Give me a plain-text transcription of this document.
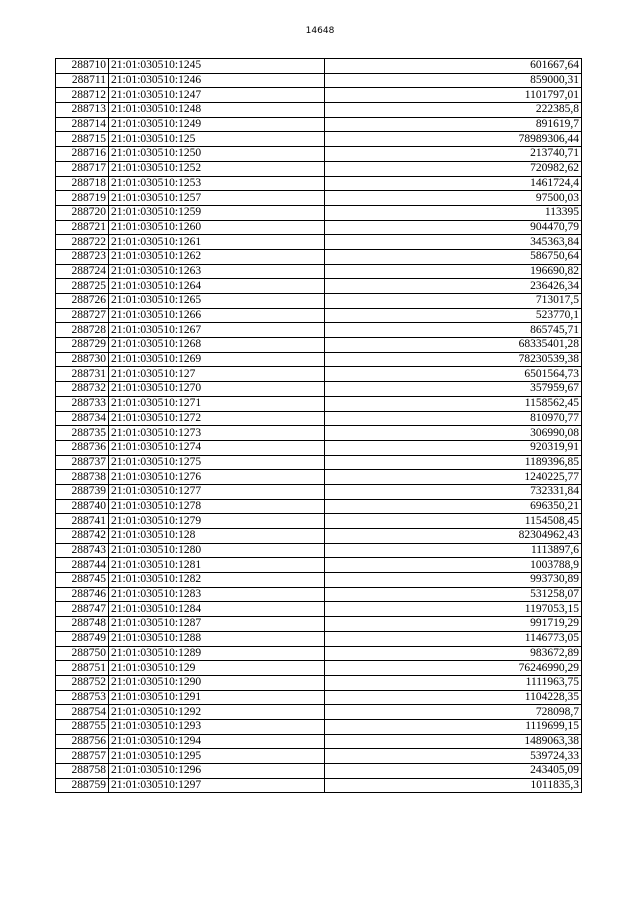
14648
288710	21:01:030510:1245	601667,64
288711	21:01:030510:1246	859000,31
288712	21:01:030510:1247	1101797,01
288713	21:01:030510:1248	222385,8
288714	21:01:030510:1249	891619,7
288715	21:01:030510:125	78989306,44
288716	21:01:030510:1250	213740,71
288717	21:01:030510:1252	720982,62
288718	21:01:030510:1253	1461724,4
288719	21:01:030510:1257	97500,03
288720	21:01:030510:1259	113395
288721	21:01:030510:1260	904470,79
288722	21:01:030510:1261	345363,84
288723	21:01:030510:1262	586750,64
288724	21:01:030510:1263	196690,82
288725	21:01:030510:1264	236426,34
288726	21:01:030510:1265	713017,5
288727	21:01:030510:1266	523770,1
288728	21:01:030510:1267	865745,71
288729	21:01:030510:1268	68335401,28
288730	21:01:030510:1269	78230539,38
288731	21:01:030510:127	6501564,73
288732	21:01:030510:1270	357959,67
288733	21:01:030510:1271	1158562,45
288734	21:01:030510:1272	810970,77
288735	21:01:030510:1273	306990,08
288736	21:01:030510:1274	920319,91
288737	21:01:030510:1275	1189396,85
288738	21:01:030510:1276	1240225,77
288739	21:01:030510:1277	732331,84
288740	21:01:030510:1278	696350,21
288741	21:01:030510:1279	1154508,45
288742	21:01:030510:128	82304962,43
288743	21:01:030510:1280	1113897,6
288744	21:01:030510:1281	1003788,9
288745	21:01:030510:1282	993730,89
288746	21:01:030510:1283	531258,07
288747	21:01:030510:1284	1197053,15
288748	21:01:030510:1287	991719,29
288749	21:01:030510:1288	1146773,05
288750	21:01:030510:1289	983672,89
288751	21:01:030510:129	76246990,29
288752	21:01:030510:1290	1111963,75
288753	21:01:030510:1291	1104228,35
288754	21:01:030510:1292	728098,7
288755	21:01:030510:1293	1119699,15
288756	21:01:030510:1294	1489063,38
288757	21:01:030510:1295	539724,33
288758	21:01:030510:1296	243405,09
288759	21:01:030510:1297	1011835,3
